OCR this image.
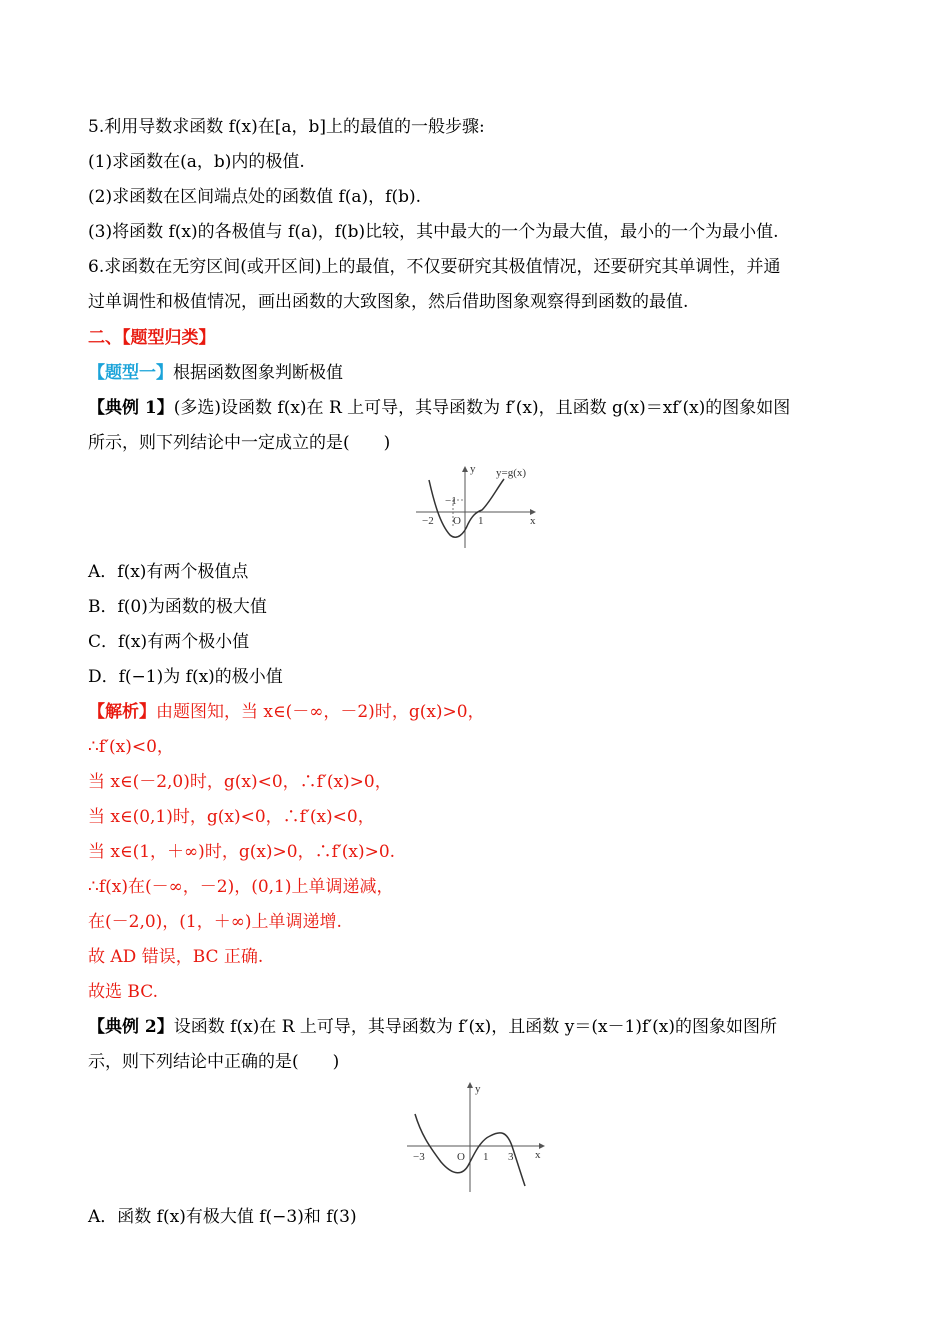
5.利用导数求函数 f(x)在[a，b]上的最值的一般步骤:
(1)求函数在(a，b)内的极值.
(2)求函数在区间端点处的函数值 f(a)，f(b).
(3)将函数 f(x)的各极值与 f(a)，f(b)比较，其中最大的一个为最大值，最小的一个为最小值.
6.求函数在无穷区间(或开区间)上的最值，不仅要研究其极值情况，还要研究其单调性，并通
过单调性和极值情况，画出函数的大致图象，然后借助图象观察得到函数的最值.
二、【题型归类】
【题型一】根据函数图象判断极值
【典例 1】(多选)设函数 f(x)在 R 上可导，其导函数为 f′(x)，且函数 g(x)＝xf′(x)的图象如图
所示，则下列结论中一定成立的是(　　)
y y=g(x)
x
O
−2
−1
1
A．f(x)有两个极值点
B．f(0)为函数的极大值
C．f(x)有两个极小值
D．f(−1)为 f(x)的极小值
【解析】由题图知，当 x∈(－∞，－2)时，g(x)>0，
∴f′(x)<0，
当 x∈(－2,0)时，g(x)<0，∴f′(x)>0，
当 x∈(0,1)时，g(x)<0，∴f′(x)<0，
当 x∈(1，＋∞)时，g(x)>0，∴f′(x)>0.
∴f(x)在(－∞，－2)，(0,1)上单调递减，
在(－2,0)，(1，＋∞)上单调递增.
故 AD 错误，BC 正确.
故选 BC.
【典例 2】设函数 f(x)在 R 上可导，其导函数为 f′(x)，且函数 y＝(x－1)f′(x)的图象如图所
示，则下列结论中正确的是(　　)
y
x
O
−3	1 3
A．函数 f(x)有极大值 f(−3)和 f(3)
